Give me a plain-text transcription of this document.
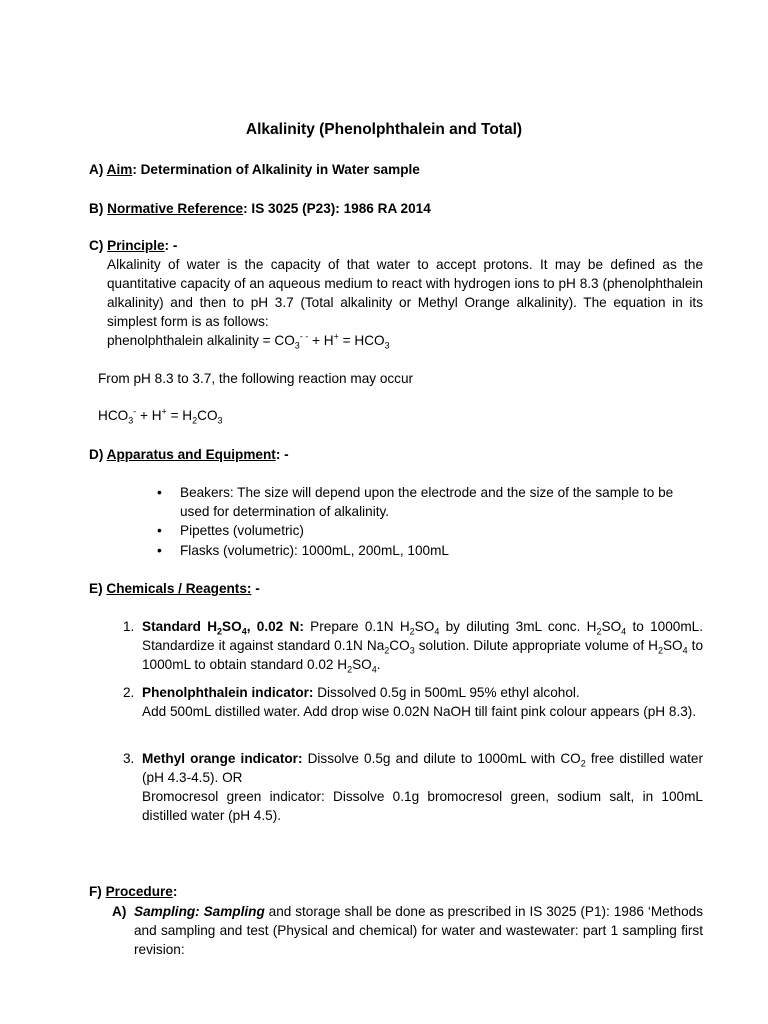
Alkalinity (Phenolphthalein and Total)
A) Aim: Determination of Alkalinity in Water sample
B) Normative Reference: IS 3025 (P23): 1986 RA 2014
C) Principle: -
Alkalinity of water is the capacity of that water to accept protons. It may be defined as the quantitative capacity of an aqueous medium to react with hydrogen ions to pH 8.3 (phenolphthalein alkalinity) and then to pH 3.7 (Total alkalinity or Methyl Orange alkalinity). The equation in its simplest form is as follows:
phenolphthalein alkalinity = $CO_3^{- -} + H^+ = HCO_3$
From pH 8.3 to 3.7, the following reaction may occur
$HCO_3^- + H^+ = H_2CO_3$
D) Apparatus and Equipment: -
•	Beakers: The size will depend upon the electrode and the size of the sample to be used for determination of alkalinity.
•	Pipettes (volumetric)
•	Flasks (volumetric): 1000mL, 200mL, 100mL
E) Chemicals / Reagents: -
1. Standard $H_2SO_4$, 0.02 N: Prepare 0.1N $H_2SO_4$ by diluting 3mL conc. $H_2SO_4$ to 1000mL. Standardize it against standard 0.1N $Na_2CO_3$ solution. Dilute appropriate volume of $H_2SO_4$ to 1000mL to obtain standard 0.02 $H_2SO_4$.
2. Phenolphthalein indicator: Dissolved 0.5g in 500mL 95% ethyl alcohol.
Add 500mL distilled water. Add drop wise 0.02N NaOH till faint pink colour appears (pH 8.3).
3. Methyl orange indicator: Dissolve 0.5g and dilute to 1000mL with $CO_2$ free distilled water (pH 4.3-4.5). OR
Bromocresol green indicator: Dissolve 0.1g bromocresol green, sodium salt, in 100mL distilled water (pH 4.5).
F) Procedure:
A) Sampling: Sampling and storage shall be done as prescribed in IS 3025 (P1): 1986 ‘Methods and sampling and test (Physical and chemical) for water and wastewater: part 1 sampling first revision:
